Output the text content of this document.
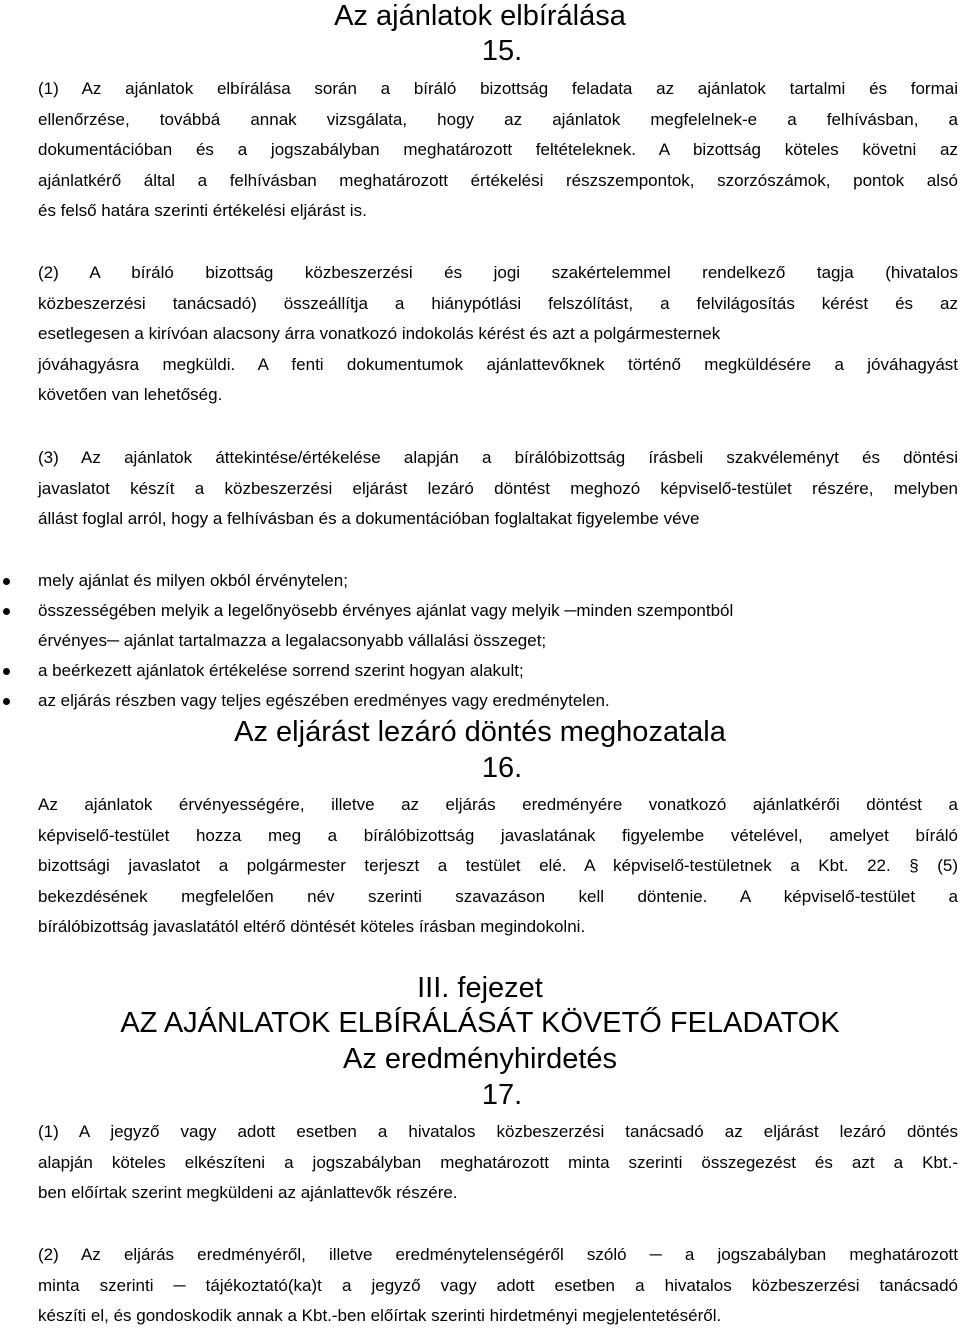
Az ajánlatok elbírálása
15.
(1) Az ajánlatok elbírálása során a bíráló bizottság feladata az ajánlatok tartalmi és formai
ellenőrzése, továbbá annak vizsgálata, hogy az ajánlatok megfelelnek-e a felhívásban, a
dokumentációban és a jogszabályban meghatározott feltételeknek. A bizottság köteles követni az
ajánlatkérő által a felhívásban meghatározott értékelési részszempontok, szorzószámok, pontok alsó
és felső határa szerinti értékelési eljárást is.
(2) A bíráló bizottság közbeszerzési és jogi szakértelemmel rendelkező tagja (hivatalos
közbeszerzési tanácsadó) összeállítja a hiánypótlási felszólítást, a felvilágosítás kérést és az
esetlegesen a kirívóan alacsony árra vonatkozó indokolás kérést és azt a polgármesternek
jóváhagyásra megküldi. A fenti dokumentumok ajánlattevőknek történő megküldésére a jóváhagyást
követően van lehetőség.
(3) Az ajánlatok áttekintése/értékelése alapján a bírálóbizottság írásbeli szakvéleményt és döntési
javaslatot készít a közbeszerzési eljárást lezáró döntést meghozó képviselő-testület részére, melyben
állást foglal arról, hogy a felhívásban és a dokumentációban foglaltakat figyelembe véve
mely ajánlat és milyen okból érvénytelen;
összességében melyik a legelőnyösebb érvényes ajánlat vagy melyik ─minden szempontból
érvényes─ ajánlat tartalmazza a legalacsonyabb vállalási összeget;
a beérkezett ajánlatok értékelése sorrend szerint hogyan alakult;
az eljárás részben vagy teljes egészében eredményes vagy eredménytelen.
Az eljárást lezáró döntés meghozatala
16.
Az ajánlatok érvényességére, illetve az eljárás eredményére vonatkozó ajánlatkérői döntést a
képviselő-testület hozza meg a bírálóbizottság javaslatának figyelembe vételével, amelyet bíráló
bizottsági javaslatot a polgármester terjeszt a testület elé. A képviselő-testületnek a Kbt. 22. § (5)
bekezdésének megfelelően név szerinti szavazáson kell döntenie. A képviselő-testület a
bírálóbizottság javaslatától eltérő döntését köteles írásban megindokolni.
III. fejezet
AZ AJÁNLATOK ELBÍRÁLÁSÁT KÖVETŐ FELADATOK
Az eredményhirdetés
17.
(1) A jegyző vagy adott esetben a hivatalos közbeszerzési tanácsadó az eljárást lezáró döntés
alapján köteles elkészíteni a jogszabályban meghatározott minta szerinti összegezést és azt a Kbt.-
ben előírtak szerint megküldeni az ajánlattevők részére.
(2) Az eljárás eredményéről, illetve eredménytelenségéről szóló ─ a jogszabályban meghatározott
minta szerinti ─ tájékoztató(ka)t a jegyző vagy adott esetben a hivatalos közbeszerzési tanácsadó
készíti el, és gondoskodik annak a Kbt.-ben előírtak szerinti hirdetményi megjelentetéséről.
